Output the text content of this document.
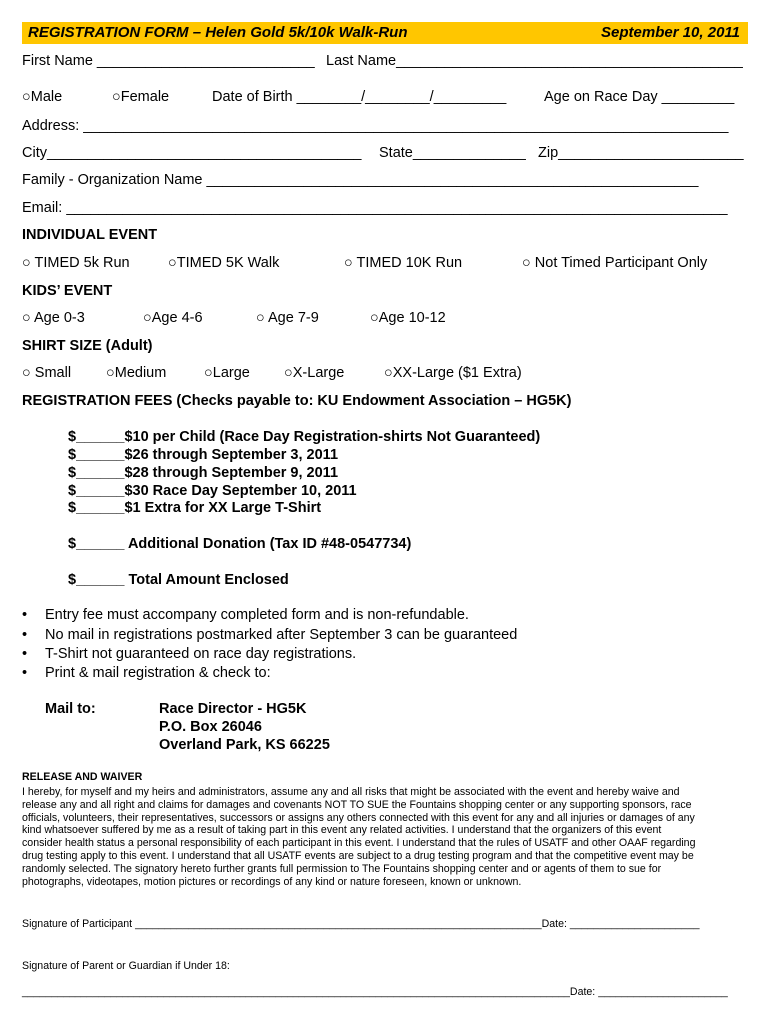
REGISTRATION FORM – Helen Gold 5k/10k Walk-Run	September 10, 2011
First Name ___________________________ Last Name___________________________________________
○Male	○Female	Date of Birth ________/________/_________	Age on Race Day _________
Address: ________________________________________________________________________________
City_______________________________________ State______________ Zip_______________________
Family - Organization Name _____________________________________________________________
Email: __________________________________________________________________________________
INDIVIDUAL EVENT
○ TIMED 5k Run	○TIMED 5K Walk	○ TIMED 10K Run	○ Not Timed Participant Only
KIDS’ EVENT
○ Age 0-3	○Age 4-6	○ Age 7-9	○Age 10-12
SHIRT SIZE (Adult)
○ Small ○Medium	○Large ○X-Large	○XX-Large ($1 Extra)
REGISTRATION FEES (Checks payable to: KU Endowment Association – HG5K)
$______$10 per Child (Race Day Registration-shirts Not Guaranteed)
$______$26 through September 3, 2011
$______$28 through September 9, 2011
$______$30 Race Day September 10, 2011
$______$1 Extra for XX Large T-Shirt
$______ Additional Donation (Tax ID #48-0547734)
$______ Total Amount Enclosed
• Entry fee must accompany completed form and is non-refundable.
• No mail in registrations postmarked after September 3 can be guaranteed
• T-Shirt not guaranteed on race day registrations.
• Print & mail registration & check to:
Mail to:	Race Director - HG5K
P.O. Box 26046
Overland Park, KS 66225
RELEASE AND WAIVER

I hereby, for myself and my heirs and administrators, assume any and all risks that might be associated with the event and hereby waive and

release any and all right and claims for damages and covenants NOT TO SUE the Fountains shopping center or any supporting sponsors, race

officials, volunteers, their representatives, successors or assigns any others connected with this event for any and all injuries or damages of any

kind whatsoever suffered by me as a result of taking part in this event any related activities. I understand that the organizers of this event

consider health status a personal responsibility of each participant in this event. I understand that the rules of USATF and other OAAF regarding

drug testing apply to this event. I understand that all USATF events are subject to a drug testing program and that the competitive event may be

randomly selected. The signatory hereto further grants full permission to The Fountains shopping center and or agents of them to sue for

photographs, videotapes, motion pictures or recordings of any kind or nature foreseen, known or unknown.

Signature of Participant _____________________________________________________________________Date: ______________________
Signature of Parent or Guardian if Under 18:
_____________________________________________________________________________________________Date: ______________________
